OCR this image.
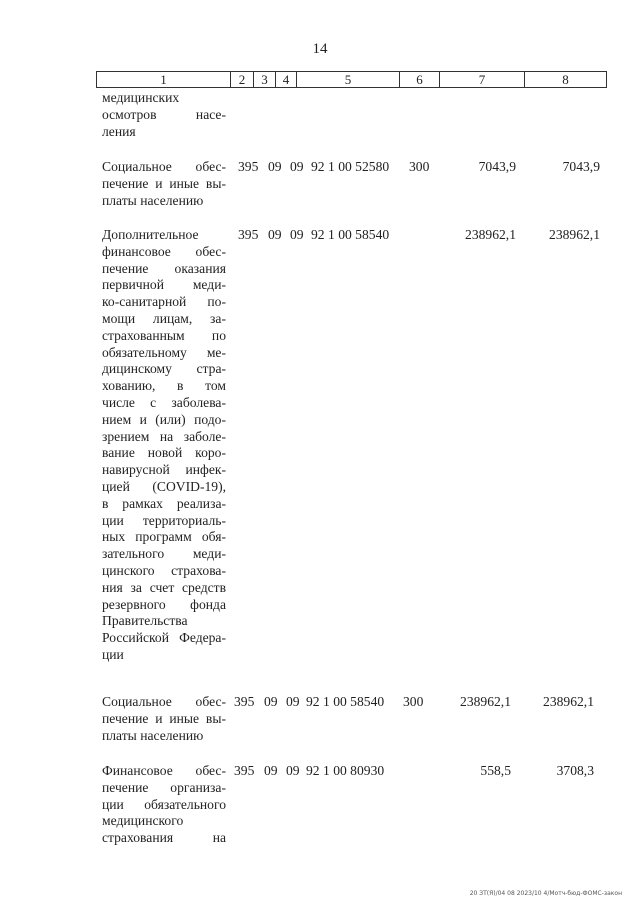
14
1	2	3	4	5	6	7	8
медицинских
осмотров насе-
ления
Социальное обес-
печение и иные вы-
платы населению
395 09 09 92 1 00 52580 300	7043,9	7043,9
Дополнительное
финансовое обес-
печение оказания
первичной меди-
ко-санитарной по-
мощи лицам, за-
страхованным по
обязательному ме-
дицинскому стра-
хованию, в том
числе с заболева-
нием и (или) подо-
зрением на заболе-
вание новой коро-
навирусной инфек-
цией (COVID-19),
в рамках реализа-
ции территориаль-
ных программ обя-
зательного меди-
цинского страхова-
ния за счет средств
резервного фонда
Правительства
Российской Федера-
ции
395 09 09 92 1 00 58540	238962,1 238962,1
Социальное обес-
печение и иные вы-
платы населению
395 09 09 92 1 00 58540 300	238962,1 238962,1
Финансовое обес-
печение организа-
ции обязательного
медицинского
страхования на
395 09 09 92 1 00 80930	558,5	3708,3
20 ЗТ(Я)/04 08 2023/10 4/Мотч-бюд-ФОМС-закон
